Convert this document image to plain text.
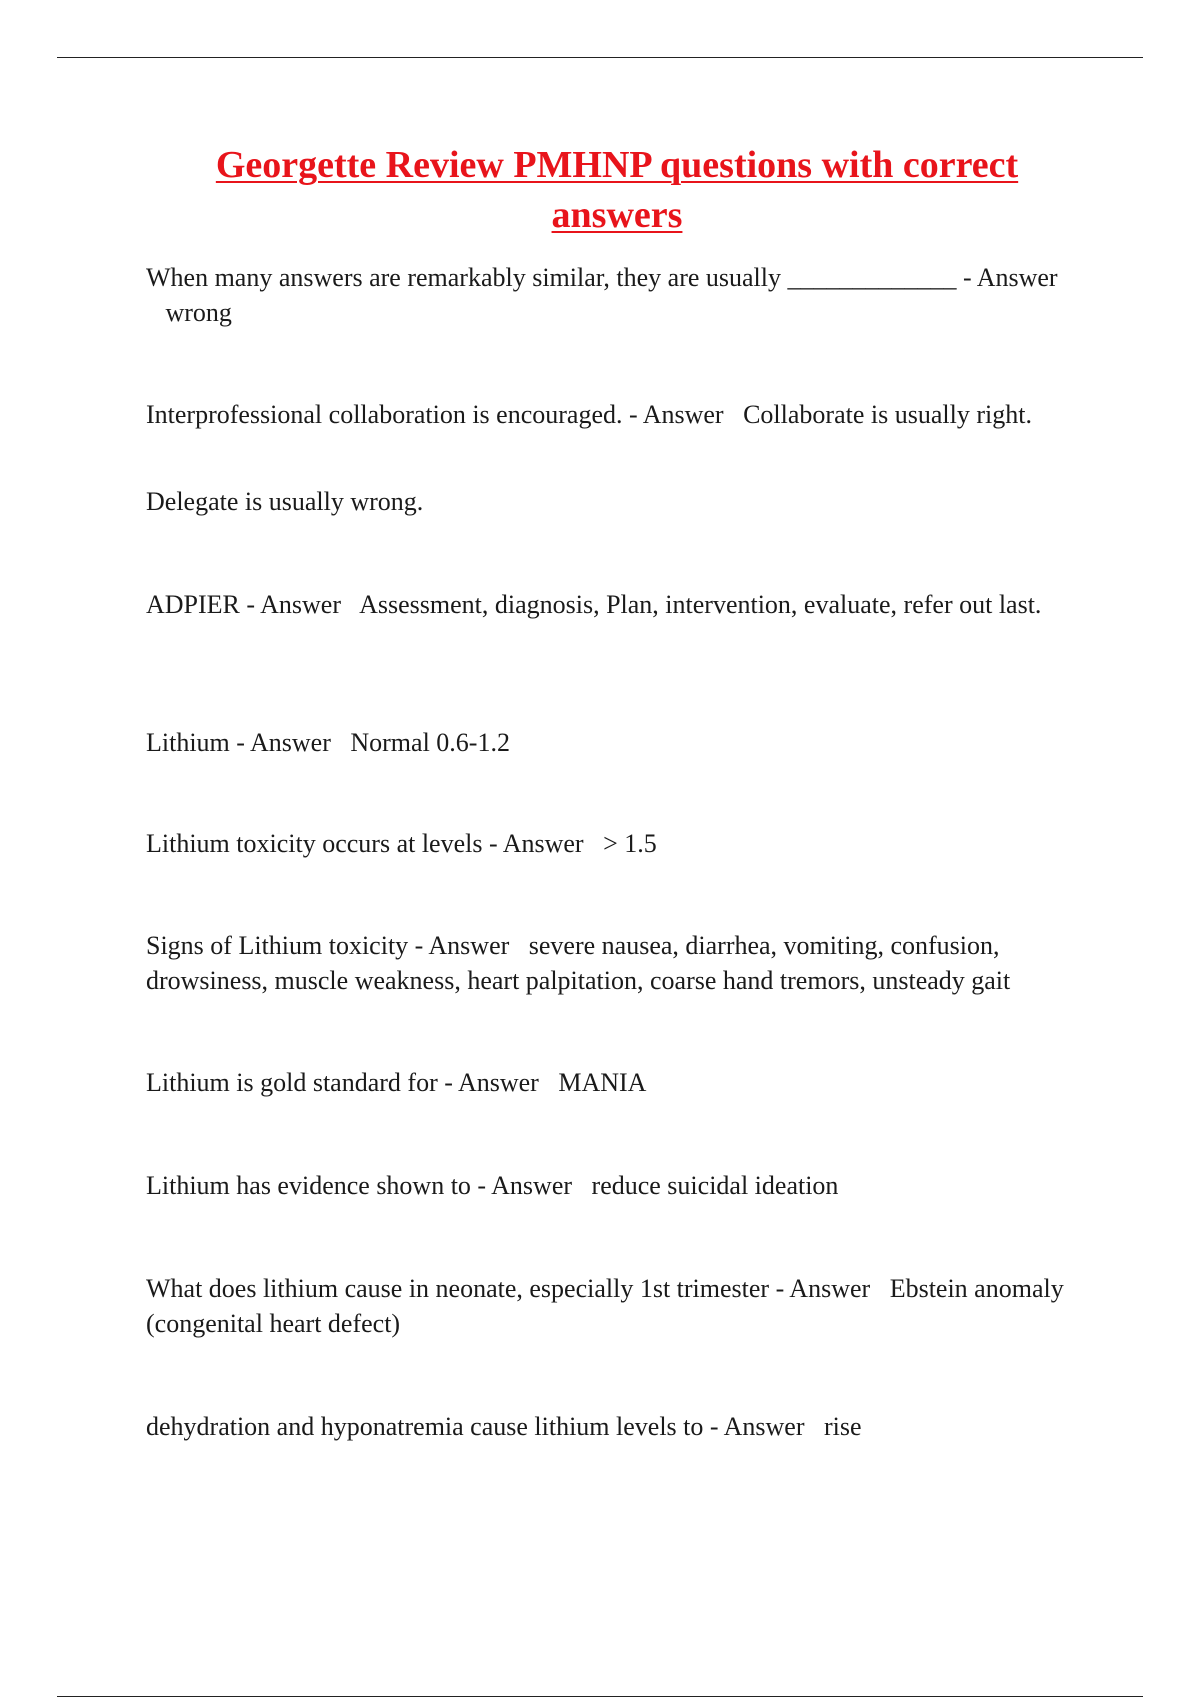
Georgette Review PMHNP questions with correct answers

When many answers are remarkably similar, they are usually _____________ - Answer   wrong

Interprofessional collaboration is encouraged. - Answer Collaborate is usually right.

Delegate is usually wrong.

ADPIER - Answer Assessment, diagnosis, Plan, intervention, evaluate, refer out last.

Lithium - Answer Normal 0.6-1.2

Lithium toxicity occurs at levels - Answer > 1.5

Signs of Lithium toxicity - Answer severe nausea, diarrhea, vomiting, confusion, drowsiness, muscle weakness, heart palpitation, coarse hand tremors, unsteady gait

Lithium is gold standard for - Answer MANIA

Lithium has evidence shown to - Answer reduce suicidal ideation

What does lithium cause in neonate, especially 1st trimester - Answer Ebstein anomaly (congenital heart defect)

dehydration and hyponatremia cause lithium levels to - Answer rise
